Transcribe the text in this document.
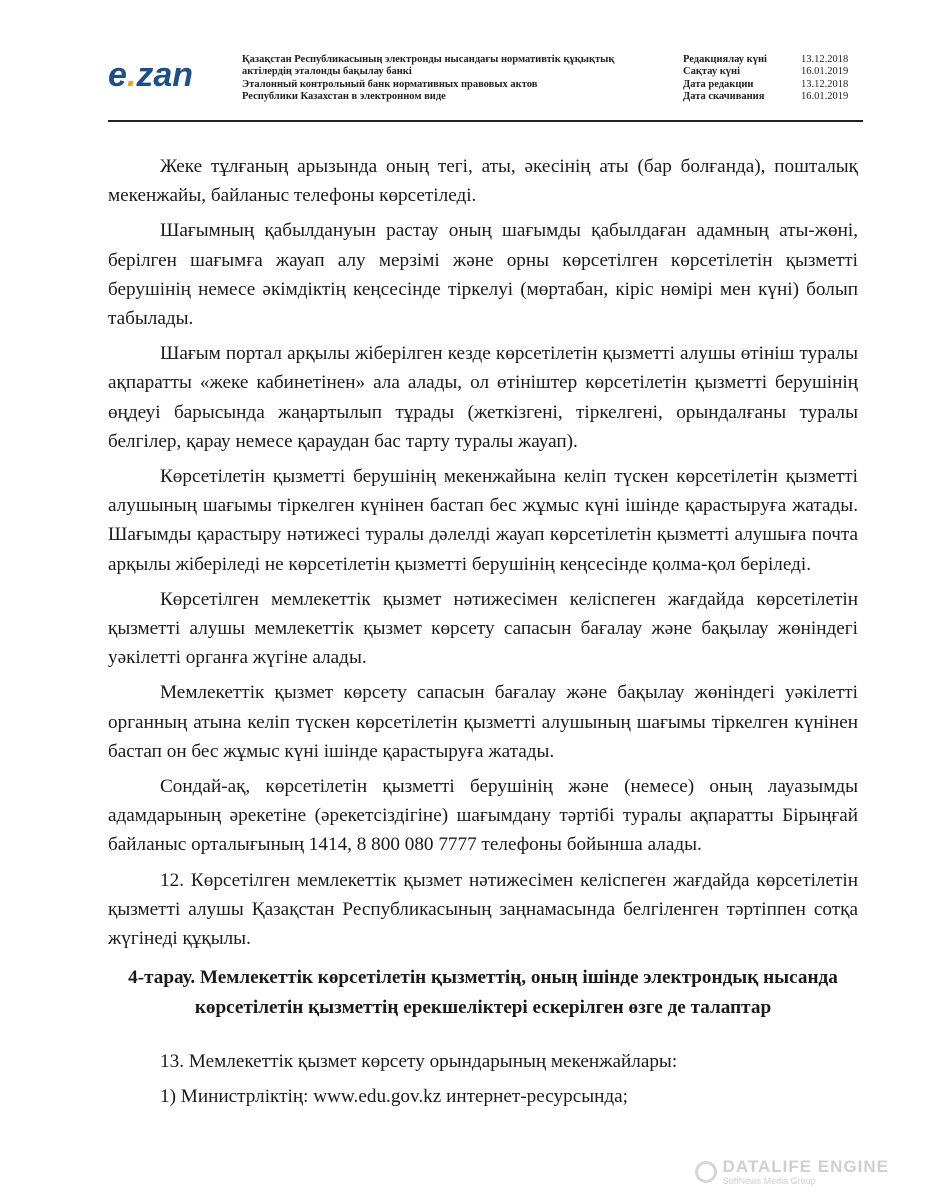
e.zan	Қазақстан Республикасының электронды нысандағы нормативтік құқықтық
актілердің эталонды бақылау банкі
Эталонный контрольный банк нормативных правовых актов
Республики Казахстан в электронном виде
Редакциялау күні	13.12.2018
Сақтау күні	16.01.2019
Дата редакции	13.12.2018
Дата скачивания	16.01.2019

Жеке тұлғаның арызында оның тегі, аты, әкесінің аты (бар болғанда), пошталық мекенжайы, байланыс телефоны көрсетіледі.

Шағымның қабылдануын растау оның шағымды қабылдаған адамның аты-жөні, берілген шағымға жауап алу мерзімі және орны көрсетілген көрсетілетін қызметті берушінің немесе әкімдіктің кеңсесінде тіркелуі (мөртабан, кіріс нөмірі мен күні) болып табылады.

Шағым портал арқылы жіберілген кезде көрсетілетін қызметті алушы өтініш туралы ақпаратты «жеке кабинетінен» ала алады, ол өтініштер көрсетілетін қызметті берушінің өңдеуі барысында жаңартылып тұрады (жеткізгені, тіркелгені, орындалғаны туралы белгілер, қарау немесе қараудан бас тарту туралы жауап).

Көрсетілетін қызметті берушінің мекенжайына келіп түскен көрсетілетін қызметті алушының шағымы тіркелген күнінен бастап бес жұмыс күні ішінде қарастыруға жатады. Шағымды қарастыру нәтижесі туралы дәлелді жауап көрсетілетін қызметті алушыға почта арқылы жіберіледі не көрсетілетін қызметті берушінің кеңсесінде қолма-қол беріледі.

Көрсетілген мемлекеттік қызмет нәтижесімен келіспеген жағдайда көрсетілетін қызметті алушы мемлекеттік қызмет көрсету сапасын бағалау және бақылау жөніндегі уәкілетті органға жүгіне алады.

Мемлекеттік қызмет көрсету сапасын бағалау және бақылау жөніндегі уәкілетті органның атына келіп түскен көрсетілетін қызметті алушының шағымы тіркелген күнінен бастап он бес жұмыс күні ішінде қарастыруға жатады.

Сондай-ақ, көрсетілетін қызметті берушінің және (немесе) оның лауазымды адамдарының әрекетіне (әрекетсіздігіне) шағымдану тәртібі туралы ақпаратты Бірыңғай байланыс орталығының 1414, 8 800 080 7777 телефоны бойынша алады.

12. Көрсетілген мемлекеттік қызмет нәтижесімен келіспеген жағдайда көрсетілетін қызметті алушы Қазақстан Республикасының заңнамасында белгіленген тәртіппен сотқа жүгінеді құқылы.

4-тарау. Мемлекеттік көрсетілетін қызметтің, оның ішінде электрондық нысанда көрсетілетін қызметтің ерекшеліктері ескерілген өзге де талаптар

13. Мемлекеттік қызмет көрсету орындарының мекенжайлары:

1) Министрліктің: www.edu.gov.kz интернет-ресурсында;

DATALIFE ENGINE
SoftNews Media Group
